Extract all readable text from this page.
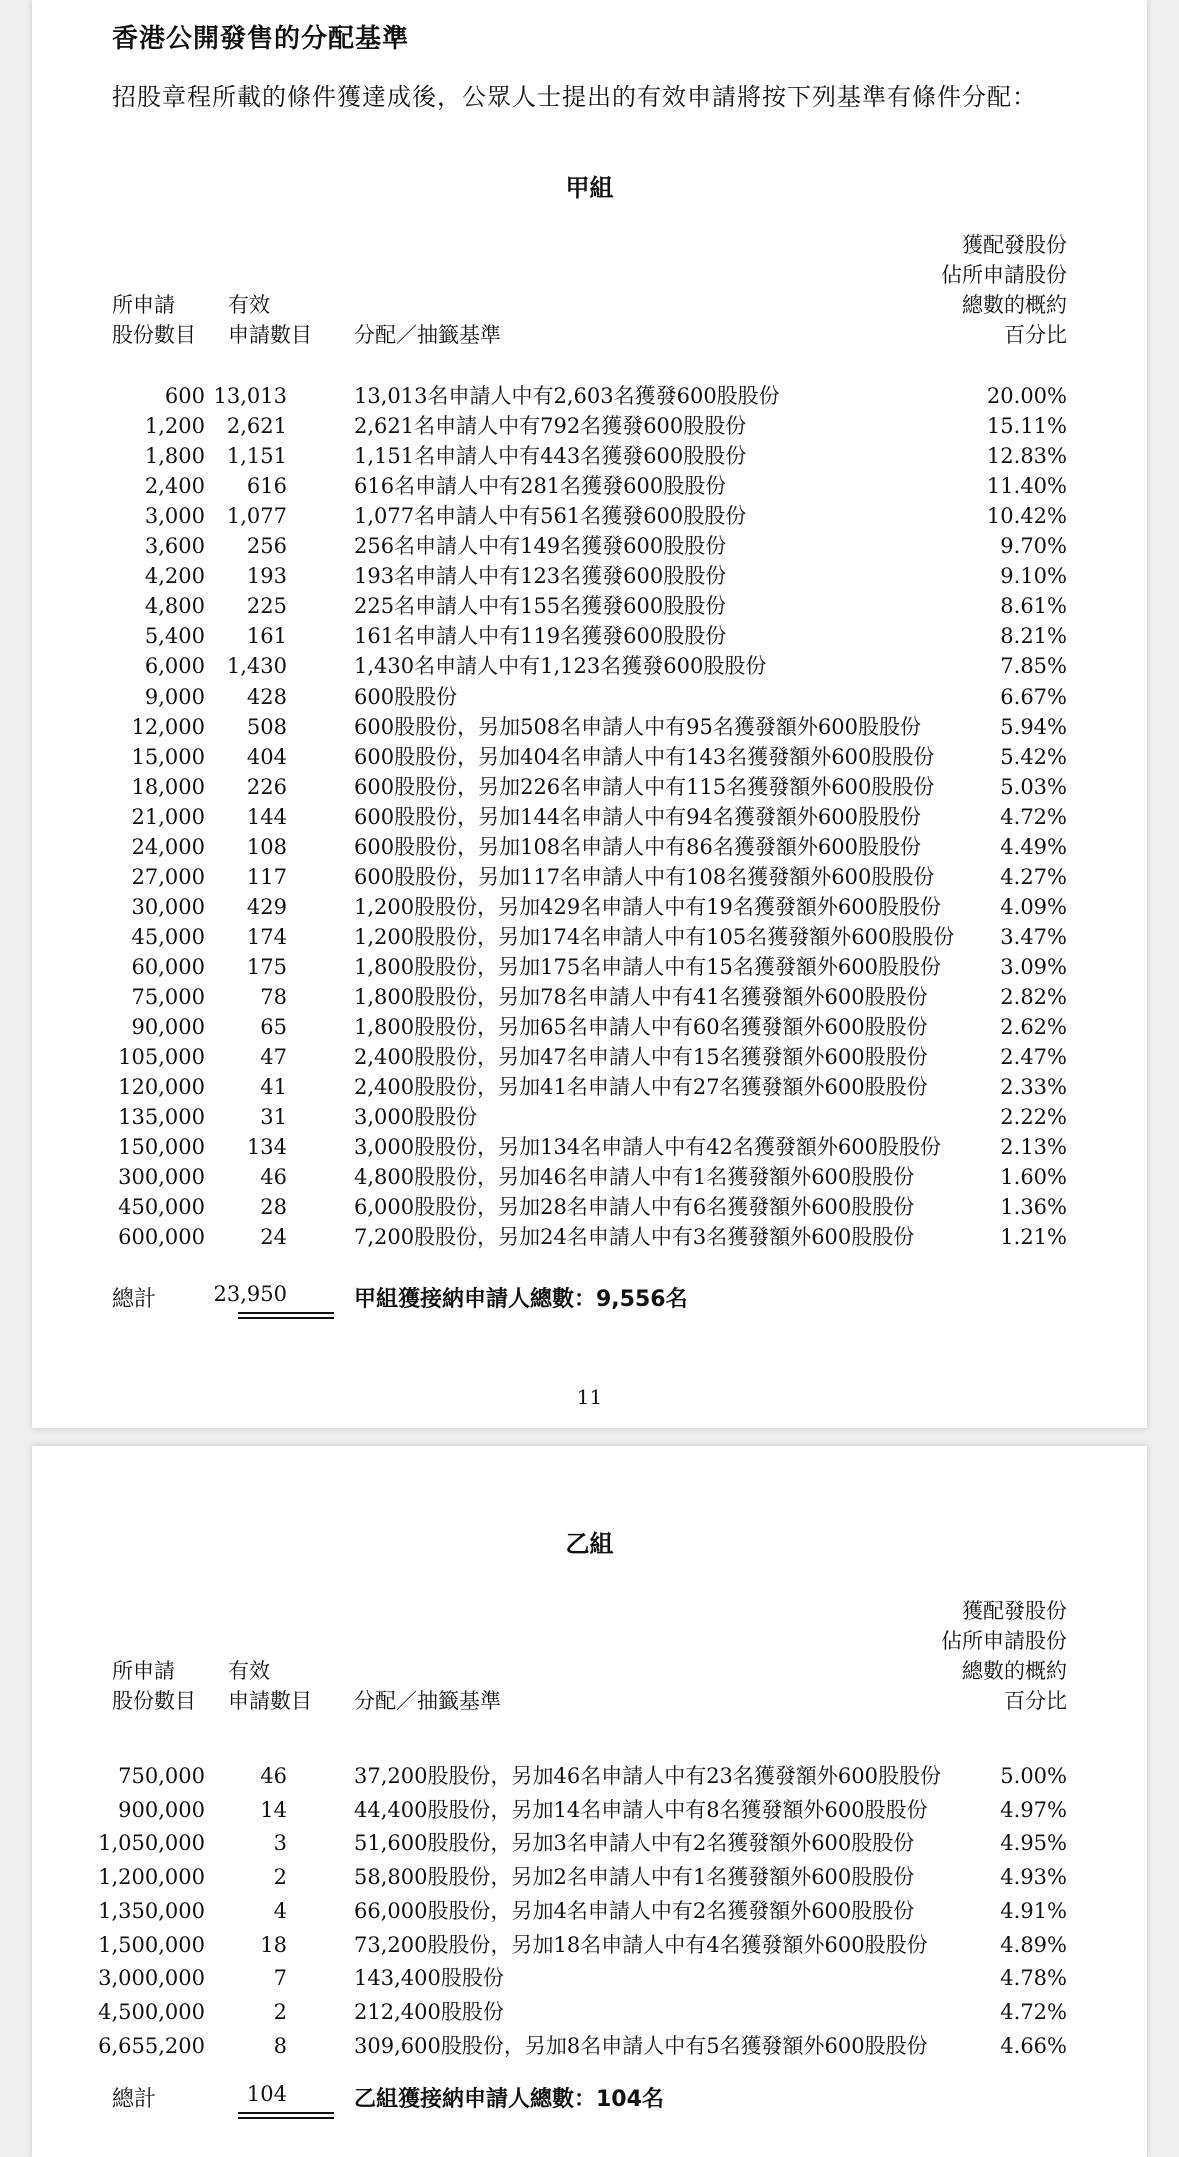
香港公開發售的分配基準
招股章程所載的條件獲達成後，公眾人士提出的有效申請將按下列基準有條件分配：
甲組
所申請
股份數目
有效
申請數目 分配／抽籤基準
獲配發股份
佔所申請股份
總數的概約
百分比
600 13,013	13,013名申請人中有2,603名獲發600股股份	20.00%
1,200 2,621	2,621名申請人中有792名獲發600股股份	15.11%
1,800 1,151	1,151名申請人中有443名獲發600股股份	12.83%
2,400 616	616名申請人中有281名獲發600股股份	11.40%
3,000 1,077	1,077名申請人中有561名獲發600股股份	10.42%
3,600 256	256名申請人中有149名獲發600股股份	9.70%
4,200 193	193名申請人中有123名獲發600股股份	9.10%
4,800 225	225名申請人中有155名獲發600股股份	8.61%
5,400 161	161名申請人中有119名獲發600股股份	8.21%
6,000 1,430	1,430名申請人中有1,123名獲發600股股份	7.85%
9,000 428	600股股份	6.67%
12,000 508	600股股份，另加508名申請人中有95名獲發額外600股股份	5.94%
15,000 404	600股股份，另加404名申請人中有143名獲發額外600股股份	5.42%
18,000 226	600股股份，另加226名申請人中有115名獲發額外600股股份	5.03%
21,000 144	600股股份，另加144名申請人中有94名獲發額外600股股份	4.72%
24,000 108	600股股份，另加108名申請人中有86名獲發額外600股股份	4.49%
27,000 117	600股股份，另加117名申請人中有108名獲發額外600股股份	4.27%
30,000 429	1,200股股份，另加429名申請人中有19名獲發額外600股股份	4.09%
45,000 174	1,200股股份，另加174名申請人中有105名獲發額外600股股份 3.47%
60,000 175	1,800股股份，另加175名申請人中有15名獲發額外600股股份	3.09%
75,000	78	1,800股股份，另加78名申請人中有41名獲發額外600股股份	2.82%
90,000	65	1,800股股份，另加65名申請人中有60名獲發額外600股股份	2.62%
105,000	47	2,400股股份，另加47名申請人中有15名獲發額外600股股份	2.47%
120,000	41	2,400股股份，另加41名申請人中有27名獲發額外600股股份	2.33%
135,000	31	3,000股股份	2.22%
150,000 134	3,000股股份，另加134名申請人中有42名獲發額外600股股份	2.13%
300,000	46	4,800股股份，另加46名申請人中有1名獲發額外600股股份	1.60%
450,000	28	6,000股股份，另加28名申請人中有6名獲發額外600股股份	1.36%
600,000	24	7,200股股份，另加24名申請人中有3名獲發額外600股股份	1.21%
總計	23,950	甲組獲接納申請人總數：9,556名
11
乙組
所申請
股份數目
有效
申請數目 分配／抽籤基準
獲配發股份
佔所申請股份
總數的概約
百分比
750,000	46	37,200股股份，另加46名申請人中有23名獲發額外600股股份	5.00%
900,000	14	44,400股股份，另加14名申請人中有8名獲發額外600股股份	4.97%
1,050,000	3	51,600股股份，另加3名申請人中有2名獲發額外600股股份	4.95%
1,200,000	2	58,800股股份，另加2名申請人中有1名獲發額外600股股份	4.93%
1,350,000	4	66,000股股份，另加4名申請人中有2名獲發額外600股股份	4.91%
1,500,000	18	73,200股股份，另加18名申請人中有4名獲發額外600股股份	4.89%
3,000,000	7	143,400股股份	4.78%
4,500,000	2	212,400股股份	4.72%
6,655,200	8	309,600股股份，另加8名申請人中有5名獲發額外600股股份	4.66%
總計	104	乙組獲接納申請人總數：104名
